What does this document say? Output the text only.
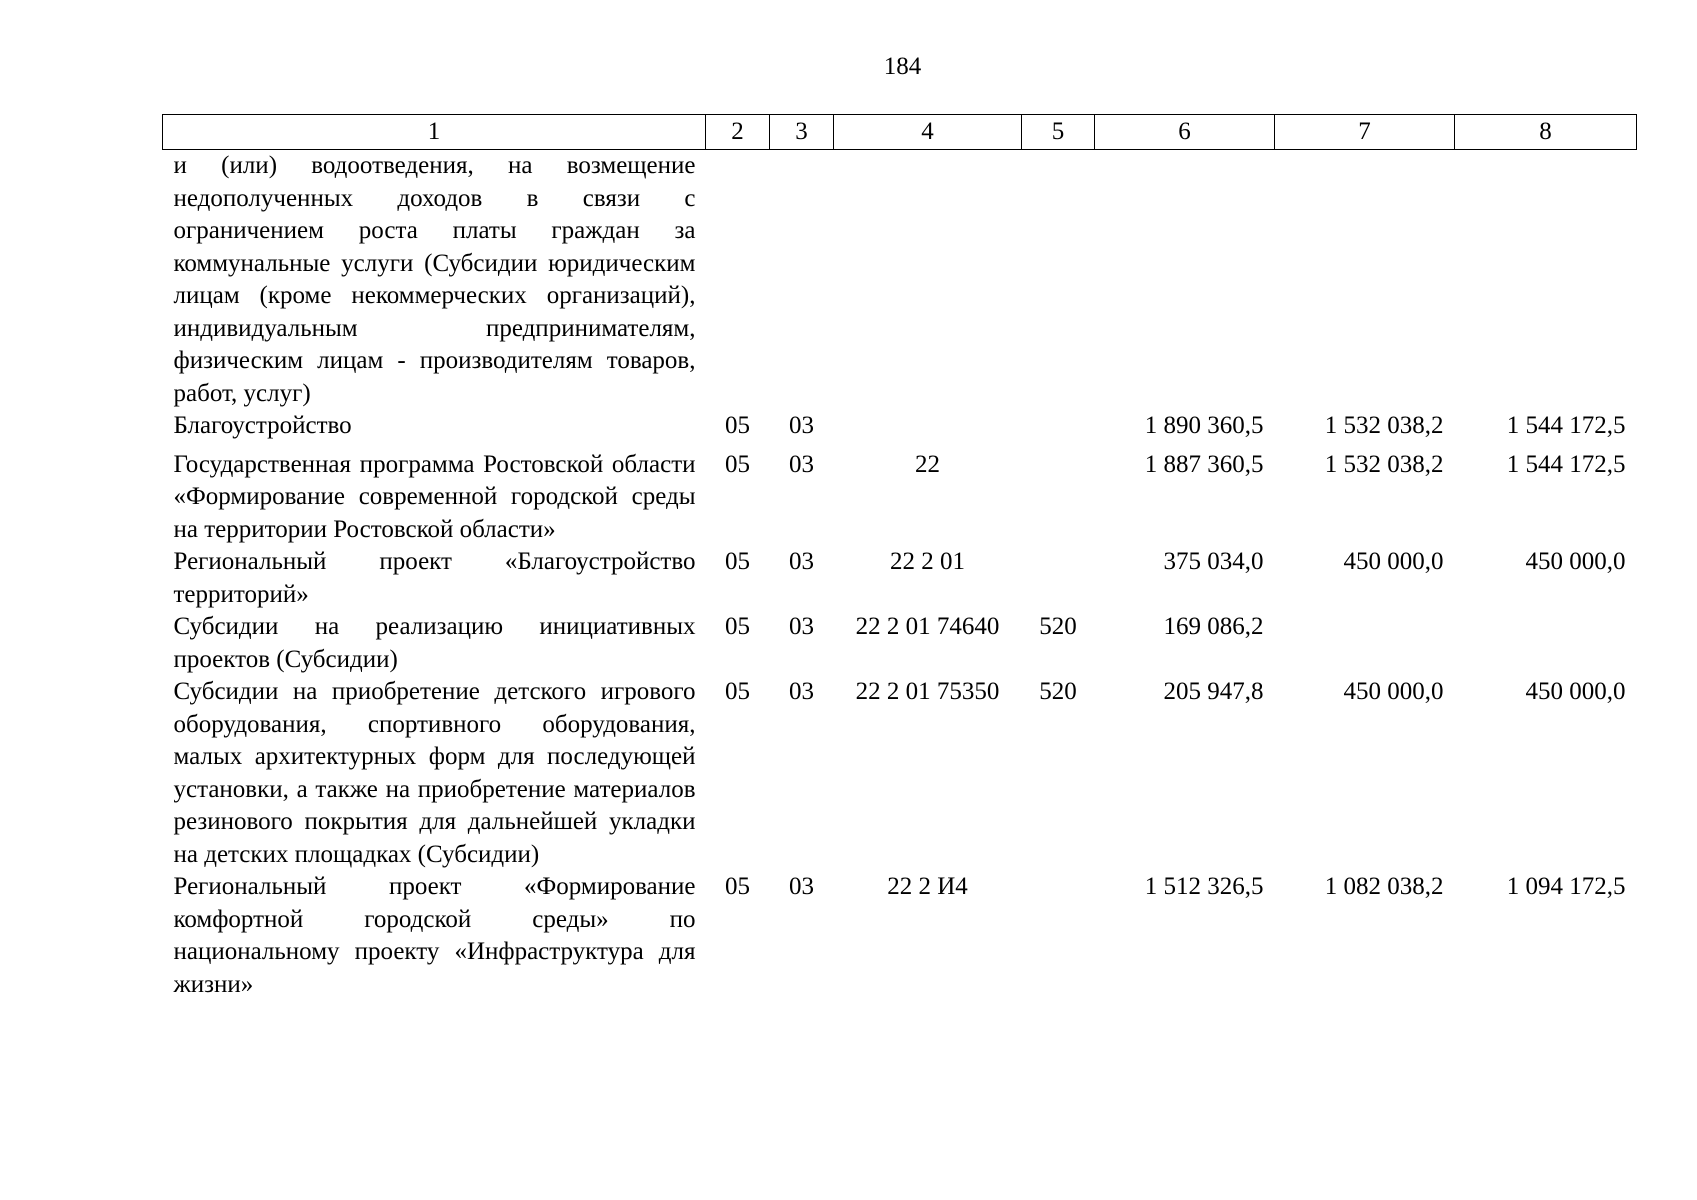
184
1	2	3	4	5	6	7	8
и (или) водоотведения, на возмещение недополученных доходов в связи с ограничением роста платы граждан за коммунальные услуги (Субсидии юридическим лицам (кроме некоммерческих организаций), индивидуальным предпринимателям, физическим лицам - производителям товаров, работ, услуг)							
Благоустройство	05	03			1 890 360,5	1 532 038,2	1 544 172,5
Государственная программа Ростовской области «Формирование современной городской среды на территории Ростовской области»	05	03	22		1 887 360,5	1 532 038,2	1 544 172,5
Региональный проект «Благоустройство территорий»	05	03	22 2 01		375 034,0	450 000,0	450 000,0
Субсидии на реализацию инициативных проектов (Субсидии)	05	03	22 2 01 74640	520	169 086,2		
Субсидии на приобретение детского игрового оборудования, спортивного оборудования, малых архитектурных форм для последующей установки, а также на приобретение материалов резинового покрытия для дальнейшей укладки на детских площадках (Субсидии)	05	03	22 2 01 75350	520	205 947,8	450 000,0	450 000,0
Региональный проект «Формирование комфортной городской среды» по национальному проекту «Инфраструктура для жизни»	05	03	22 2 И4		1 512 326,5	1 082 038,2	1 094 172,5
